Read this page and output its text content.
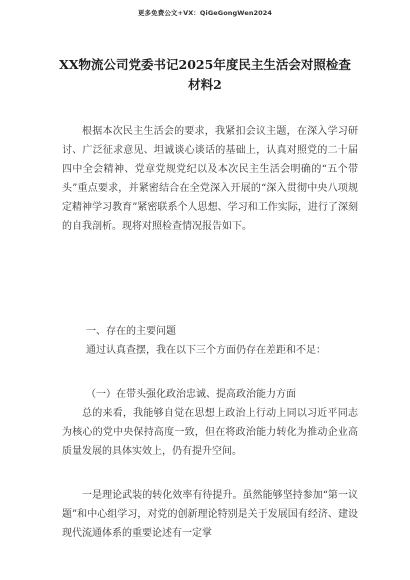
更多免费公文+VX：QiGeGongWen2024
XX物流公司党委书记2025年度民主生活会对照检查
材料2
根据本次民主生活会的要求，我紧扣会议主题，在深入学习研讨、广泛征求意见、坦诚谈心谈话的基础上，认真对照党的二十届四中全会精神、党章党规党纪以及本次民主生活会明确的“五个带头”重点要求，并紧密结合在全党深入开展的“深入贯彻中央八项规定精神学习教育”紧密联系个人思想、学习和工作实际，进行了深刻的自我剖析。现将对照检查情况报告如下。
一、存在的主要问题
通过认真查摆，我在以下三个方面仍存在差距和不足：
（一）在带头强化政治忠诚、提高政治能力方面
总的来看，我能够自觉在思想上政治上行动上同以习近平同志为核心的党中央保持高度一致，但在将政治能力转化为推动企业高质量发展的具体实效上，仍有提升空间。
一是理论武装的转化效率有待提升。虽然能够坚持参加“第一议题”和中心组学习，对党的创新理论特别是关于发展国有经济、建设现代流通体系的重要论述有一定掌
